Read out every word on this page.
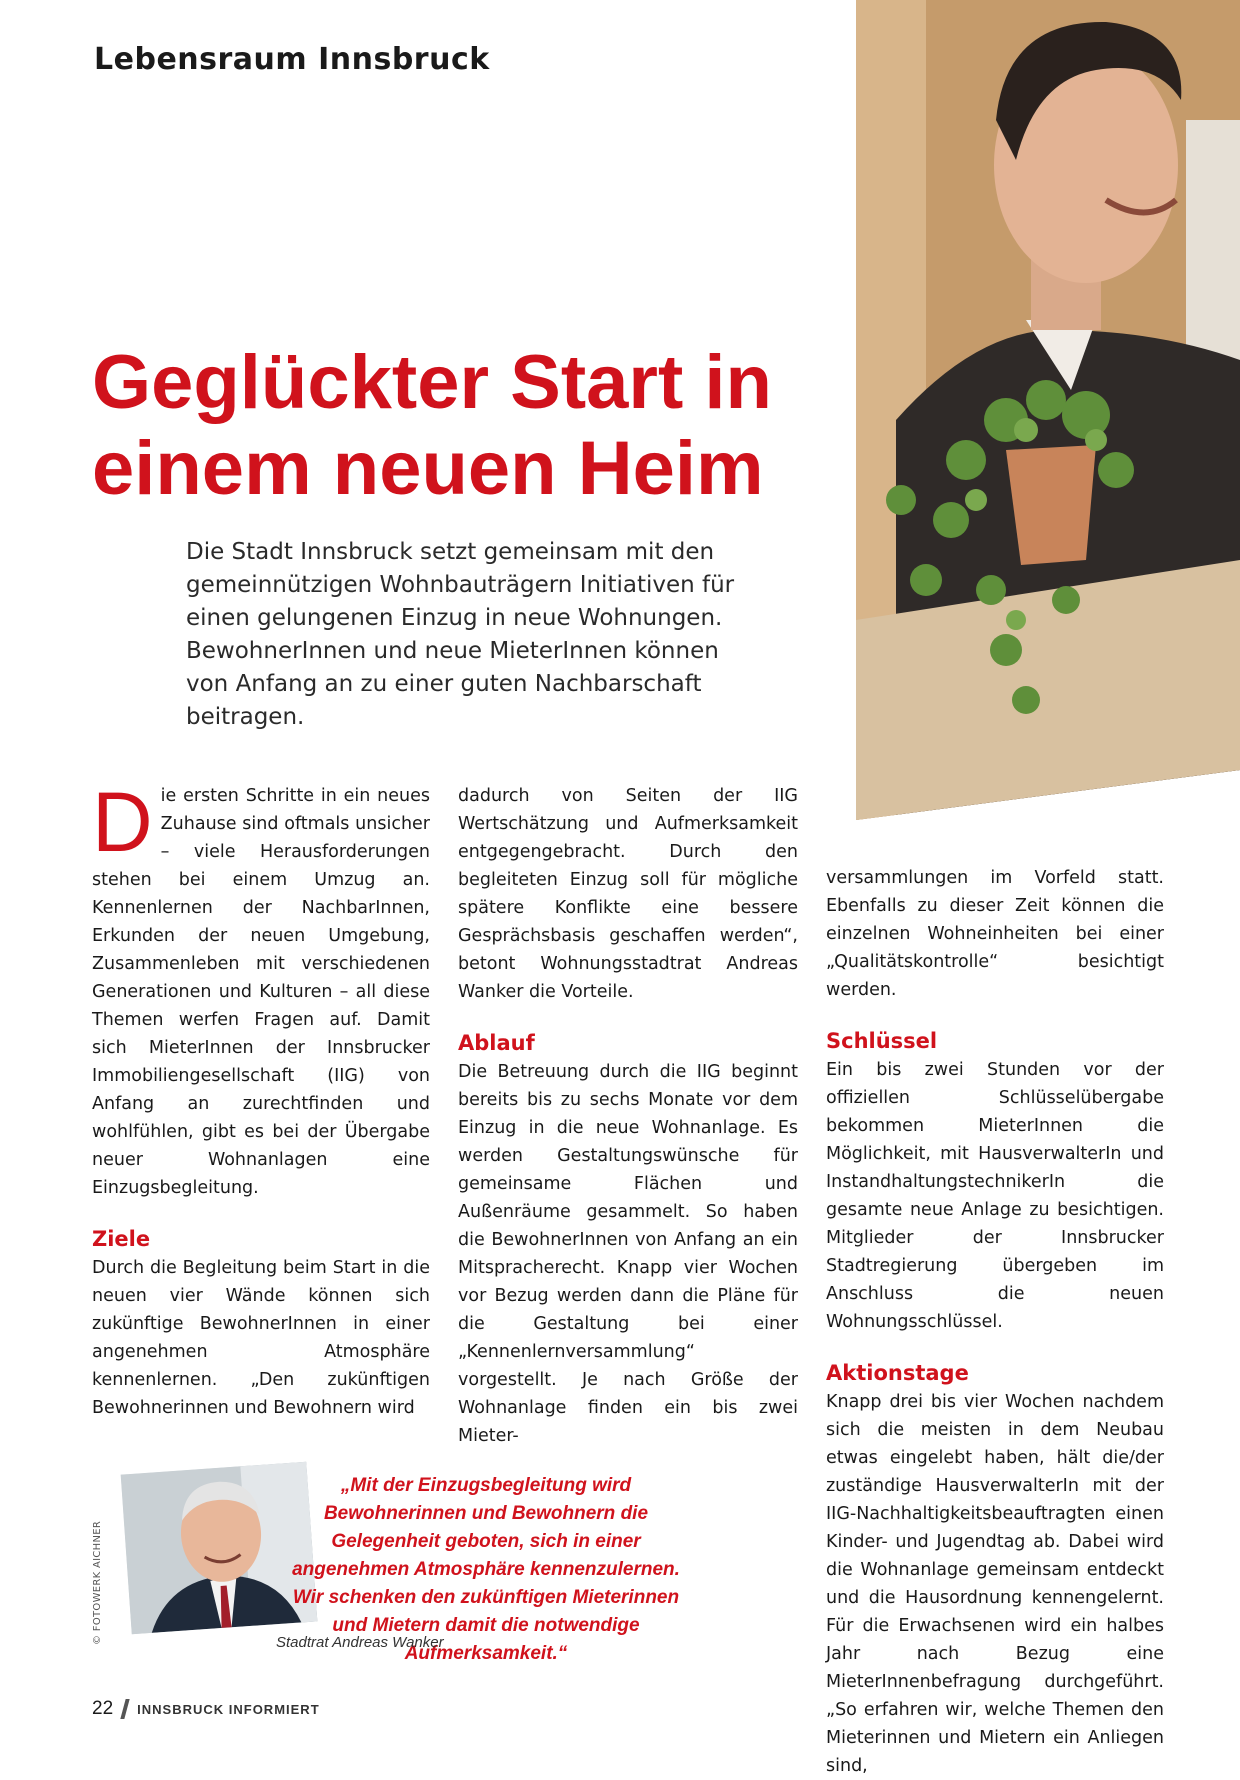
Lebensraum Innsbruck
Geglückter Start in
einem neuen Heim

Die Stadt Innsbruck setzt gemeinsam mit den gemeinnützigen Wohnbauträgern Initiativen für einen gelungenen Einzug in neue Wohnungen. BewohnerInnen und neue MieterInnen können von Anfang an zu einer guten Nachbarschaft beitragen.

Die ersten Schritte in ein neues Zuhause sind oftmals unsicher – viele Herausforderungen stehen bei einem Umzug an. Kennenlernen der NachbarInnen, Erkunden der neuen Umgebung, Zusammenleben mit verschiedenen Generationen und Kulturen – all diese Themen werfen Fragen auf. Damit sich MieterInnen der Innsbrucker Immobiliengesellschaft (IIG) von Anfang an zurechtfinden und wohlfühlen, gibt es bei der Übergabe neuer Wohnanlagen eine Einzugsbegleitung.

Ziele

Durch die Begleitung beim Start in die neuen vier Wände können sich zukünftige BewohnerInnen in einer angenehmen Atmosphäre kennenlernen. „Den zukünftigen Bewohnerinnen und Bewohnern wird

dadurch von Seiten der IIG Wertschätzung und Aufmerksamkeit entgegengebracht. Durch den begleiteten Einzug soll für mögliche spätere Konflikte eine bessere Gesprächsbasis geschaffen werden“, betont Wohnungsstadtrat Andreas Wanker die Vorteile.

Ablauf

Die Betreuung durch die IIG beginnt bereits bis zu sechs Monate vor dem Einzug in die neue Wohnanlage. Es werden Gestaltungswünsche für gemeinsame Flächen und Außenräume gesammelt. So haben die BewohnerInnen von Anfang an ein Mitspracherecht. Knapp vier Wochen vor Bezug werden dann die Pläne für die Gestaltung bei einer „Kennenlernversammlung“ vorgestellt. Je nach Größe der Wohnanlage finden ein bis zwei Mieter-

versammlungen im Vorfeld statt. Ebenfalls zu dieser Zeit können die einzelnen Wohneinheiten bei einer „Qualitätskontrolle“ besichtigt werden.

Schlüssel

Ein bis zwei Stunden vor der offiziellen Schlüsselübergabe bekommen MieterInnen die Möglichkeit, mit HausverwalterIn und InstandhaltungstechnikerIn die gesamte neue Anlage zu besichtigen. Mitglieder der Innsbrucker Stadtregierung übergeben im Anschluss die neuen Wohnungsschlüssel.

Aktionstage

Knapp drei bis vier Wochen nachdem sich die meisten in dem Neubau etwas eingelebt haben, hält die/der zuständige HausverwalterIn mit der IIG-Nachhaltigkeitsbeauftragten einen Kinder- und Jugendtag ab. Dabei wird die Wohnanlage gemeinsam entdeckt und die Hausordnung kennengelernt. Für die Erwachsenen wird ein halbes Jahr nach Bezug eine MieterInnenbefragung durchgeführt. „So erfahren wir, welche Themen den Mieterinnen und Mietern ein Anliegen sind,

© FOTOWERK AICHNER

„Mit der Einzugsbegleitung wird Bewohnerinnen und Bewohnern die Gelegenheit geboten, sich in einer angenehmen Atmosphäre kennenzulernen. Wir schenken den zukünftigen Mieterinnen und Mietern damit die notwendige Aufmerksamkeit.“

Stadtrat Andreas Wanker
22 INNSBRUCK INFORMIERT
